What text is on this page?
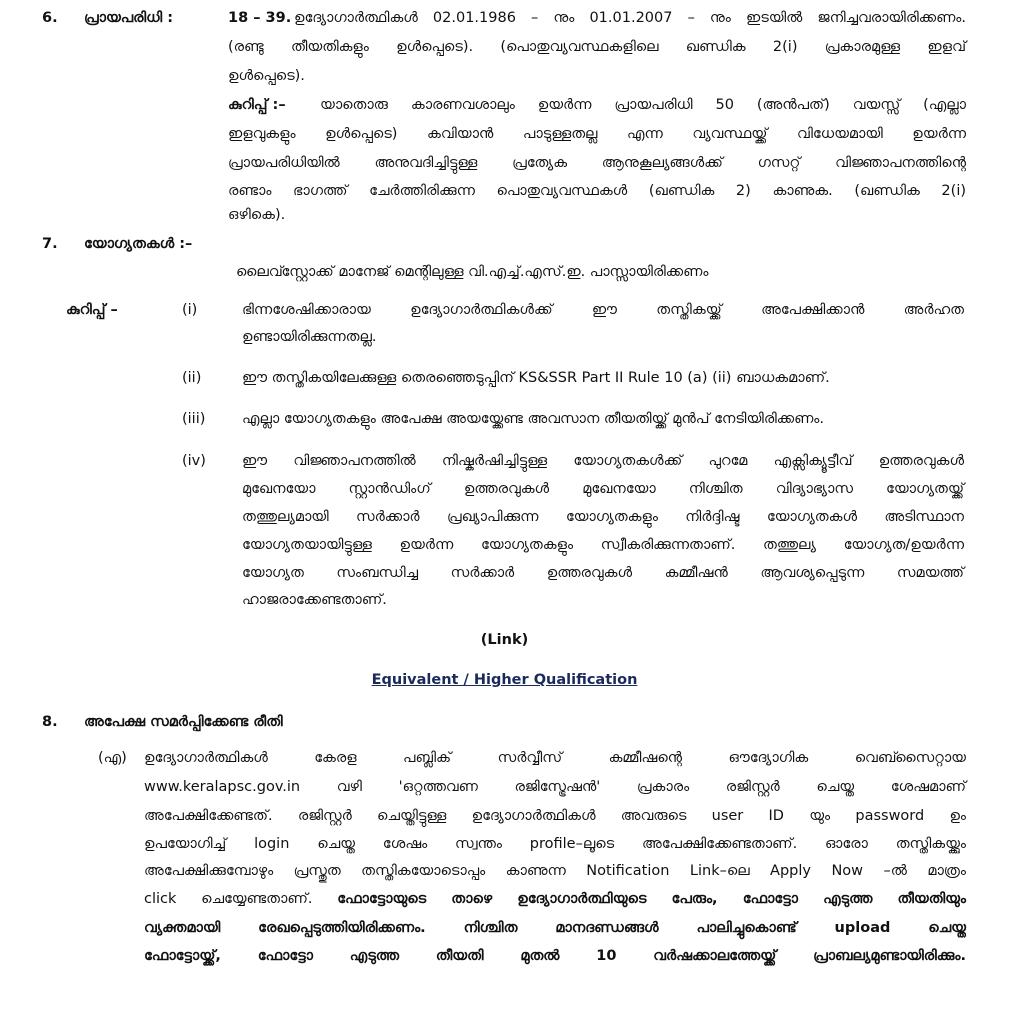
6. പ്രായപരിധി :	18 – 39. ഉദ്യോഗാർത്ഥികൾ 02.01.1986 – നും 01.01.2007 – നും ഇടയിൽ ജനിച്ചവരായിരിക്കണം.
(രണ്ടു തീയതികളും ഉൾപ്പെടെ). (പൊതുവ്യവസ്ഥകളിലെ ഖണ്ഡിക 2(i) പ്രകാരമുള്ള ഇളവ്
ഉൾപ്പെടെ).
കുറിപ്പ് :– യാതൊരു കാരണവശാലും ഉയർന്ന പ്രായപരിധി 50 (അൻപത്) വയസ്സ് (എല്ലാ
ഇളവുകളും ഉൾപ്പെടെ) കവിയാൻ പാടുള്ളതല്ല എന്ന വ്യവസ്ഥയ്ക്ക് വിധേയമായി ഉയർന്ന
പ്രായപരിധിയിൽ അനുവദിച്ചിട്ടുള്ള പ്രത്യേക ആനുകൂല്യങ്ങൾക്ക് ഗസറ്റ് വിജ്ഞാപനത്തിന്റെ
രണ്ടാം ഭാഗത്ത് ചേർത്തിരിക്കുന്ന പൊതുവ്യവസ്ഥകൾ (ഖണ്ഡിക 2) കാണുക. (ഖണ്ഡിക 2(i)
ഒഴികെ).
7. യോഗ്യതകൾ :–
ലൈവ്സ്റ്റോക്ക് മാനേജ് മെന്റിലുള്ള വി.എച്ച്.എസ്.ഇ. പാസ്സായിരിക്കണം
കുറിപ്പ് –	(i)	ഭിന്നശേഷിക്കാരായ ഉദ്യോഗാർത്ഥികൾക്ക് ഈ തസ്തികയ്ക്ക് അപേക്ഷിക്കാൻ അർഹത
ഉണ്ടായിരിക്കുന്നതല്ല.
(ii)	ഈ തസ്തികയിലേക്കുള്ള തെരഞ്ഞെടുപ്പിന് KS&SSR Part II Rule 10 (a) (ii) ബാധകമാണ്.
(iii)	എല്ലാ യോഗ്യതകളും അപേക്ഷ അയയ്ക്കേണ്ട അവസാന തീയതിയ്ക്ക് മുൻപ് നേടിയിരിക്കണം.
(iv) ഈ വിജ്ഞാപനത്തിൽ നിഷ്കർഷിച്ചിട്ടുള്ള യോഗ്യതകൾക്ക് പുറമേ എക്സിക്യൂട്ടീവ് ഉത്തരവുകൾ
മുഖേനയോ സ്റ്റാൻഡിംഗ് ഉത്തരവുകൾ മുഖേനയോ നിശ്ചിത വിദ്യാഭ്യാസ യോഗ്യതയ്ക്ക്
തത്തുല്യമായി സർക്കാർ പ്രഖ്യാപിക്കുന്ന യോഗ്യതകളും നിർദ്ദിഷ്ട യോഗ്യതകൾ അടിസ്ഥാന
യോഗ്യതയായിട്ടുള്ള ഉയർന്ന യോഗ്യതകളും സ്വീകരിക്കുന്നതാണ്. തത്തുല്യ യോഗ്യത/ഉയർന്ന
യോഗ്യത സംബന്ധിച്ച സർക്കാർ ഉത്തരവുകൾ കമ്മീഷൻ ആവശ്യപ്പെടുന്ന സമയത്ത്
ഹാജരാക്കേണ്ടതാണ്.
(Link)
Equivalent / Higher Qualification
8. അപേക്ഷ സമർപ്പിക്കേണ്ട രീതി
(എ) ഉദ്യോഗാർത്ഥികൾ കേരള പബ്ലിക് സർവ്വീസ് കമ്മീഷന്റെ ഔദ്യോഗിക വെബ്സൈറ്റായ
www.keralapsc.gov.in വഴി 'ഒറ്റത്തവണ രജിസ്ട്രേഷൻ' പ്രകാരം രജിസ്റ്റർ ചെയ്ത ശേഷമാണ്
അപേക്ഷിക്കേണ്ടത്. രജിസ്റ്റർ ചെയ്തിട്ടുള്ള ഉദ്യോഗാർത്ഥികൾ അവരുടെ user ID യും password ഉം
ഉപയോഗിച്ച് login ചെയ്ത ശേഷം സ്വന്തം profile–ലൂടെ അപേക്ഷിക്കേണ്ടതാണ്. ഓരോ തസ്തികയ്ക്കും
അപേക്ഷിക്കുമ്പോഴും പ്രസ്തുത തസ്തികയോടൊപ്പം കാണുന്ന Notification Link–ലെ Apply Now –ൽ മാത്രം
click ചെയ്യേണ്ടതാണ്. ഫോട്ടോയുടെ താഴെ ഉദ്യോഗാർത്ഥിയുടെ പേരും, ഫോട്ടോ എടുത്ത തീയതിയും
വ്യക്തമായി രേഖപ്പെടുത്തിയിരിക്കണം. നിശ്ചിത മാനദണ്ഡങ്ങൾ പാലിച്ചുകൊണ്ട് upload ചെയ്ത
ഫോട്ടോയ്ക്ക്, ഫോട്ടോ എടുത്ത തീയതി മുതൽ 10 വർഷക്കാലത്തേയ്ക്ക് പ്രാബല്യമുണ്ടായിരിക്കും.
